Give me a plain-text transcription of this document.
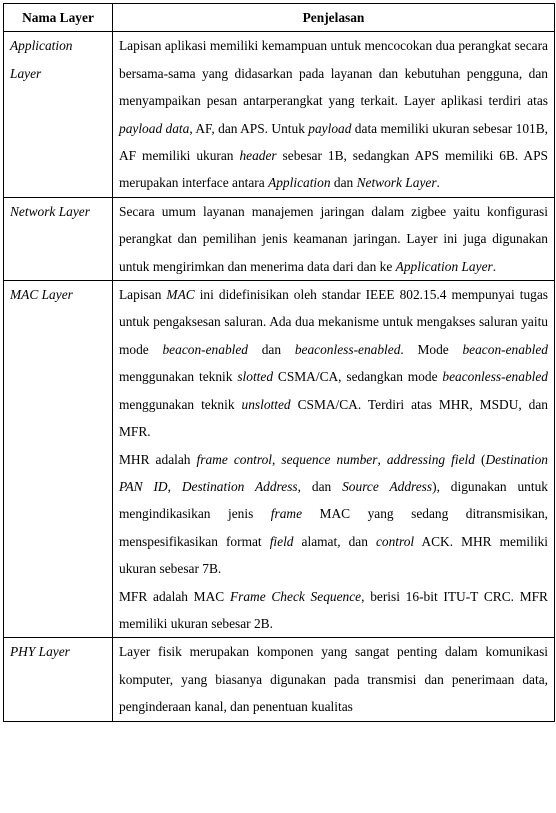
Nama Layer	Penjelasan
Application Layer	Lapisan aplikasi memiliki kemampuan untuk mencocokan dua perangkat secara bersama-sama yang didasarkan pada layanan dan kebutuhan pengguna, dan menyampaikan pesan antarperangkat yang terkait. Layer aplikasi terdiri atas payload data, AF, dan APS. Untuk payload data memiliki ukuran sebesar 101B, AF memiliki ukuran header sebesar 1B, sedangkan APS memiliki 6B. APS merupakan interface antara Application dan Network Layer.

Network Layer	Secara umum layanan manajemen jaringan dalam zigbee yaitu konfigurasi perangkat dan pemilihan jenis keamanan jaringan. Layer ini juga digunakan untuk mengirimkan dan menerima data dari dan ke Application Layer.

MAC Layer	Lapisan MAC ini didefinisikan oleh standar IEEE 802.15.4 mempunyai tugas untuk pengaksesan saluran. Ada dua mekanisme untuk mengakses saluran yaitu mode beacon-enabled dan beaconless-enabled. Mode beacon-enabled menggunakan teknik slotted CSMA/CA, sedangkan mode beaconless-enabled menggunakan teknik unslotted CSMA/CA. Terdiri atas MHR, MSDU, dan MFR.
MHR adalah frame control, sequence number, addressing field (Destination PAN ID, Destination Address, dan Source Address), digunakan untuk mengindikasikan jenis frame MAC yang sedang ditransmisikan, menspesifikasikan format field alamat, dan control ACK. MHR memiliki ukuran sebesar 7B.
MFR adalah MAC Frame Check Sequence, berisi 16-bit ITU-T CRC. MFR memiliki ukuran sebesar 2B.

PHY Layer	Layer fisik merupakan komponen yang sangat penting dalam komunikasi komputer, yang biasanya digunakan pada transmisi dan penerimaan data, penginderaan kanal, dan penentuan kualitas
